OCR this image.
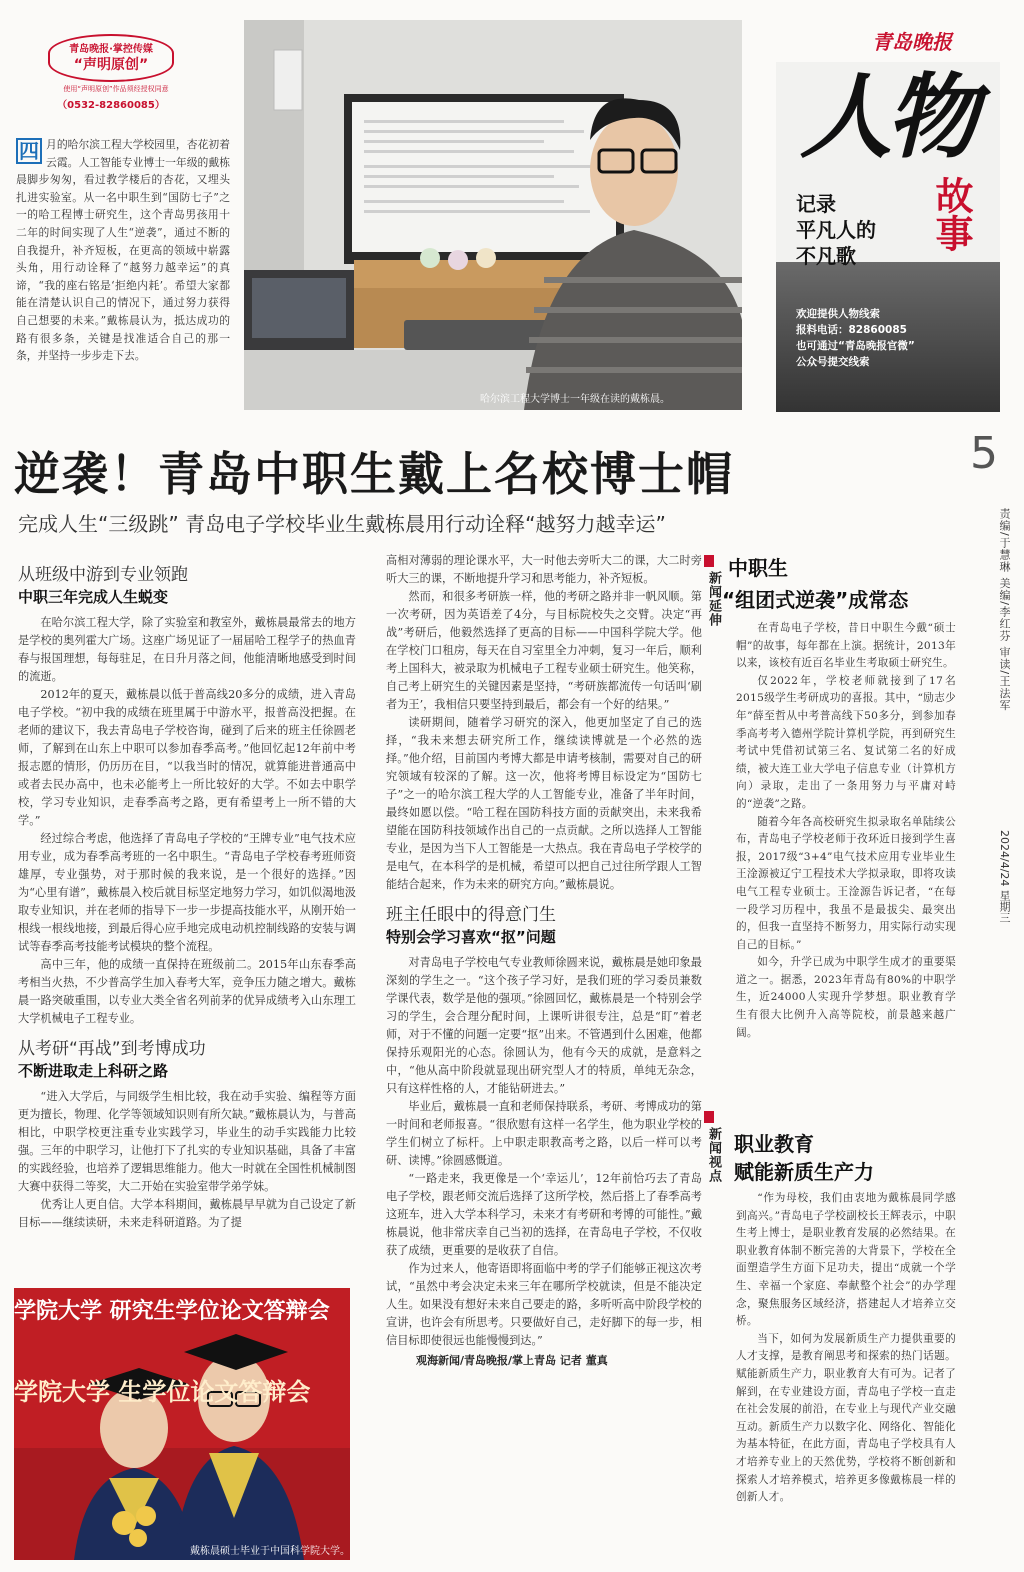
青岛晚报·掌控传媒
“声明原创”
使用“声明原创”作品须经授权同意
（0532-82860085）
四 月的哈尔滨工程大学校园里，杏花初着云霞。人工智能专业博士一年级的戴栋晨脚步匆匆，看过教学楼后的杏花，又埋头扎进实验室。从一名中职生到“国防七子”之一的哈工程博士研究生，这个青岛男孩用十二年的时间实现了人生“逆袭”，通过不断的自我提升，补齐短板，在更高的领域中崭露头角，用行动诠释了“越努力越幸运”的真谛，“我的座右铭是‘拒绝内耗’。希望大家都能在清楚认识自己的情况下，通过努力获得自己想要的未来。”戴栋晨认为，抵达成功的路有很多条，关键是找准适合自己的那一条，并坚持一步步走下去。
哈尔滨工程大学博士一年级在读的戴栋晨。
青岛晚报
人物
故事
记录
平凡人的
不凡歌
欢迎提供人物线索
报料电话：82860085
也可通过“青岛晚报官微”
公众号提交线索
逆袭！青岛中职生戴上名校博士帽	5
完成人生“三级跳” 青岛电子学校毕业生戴栋晨用行动诠释“越努力越幸运”	责编/于慧琳 美编/李红芬 审读/王法军
2024/4/24 星期三
从班级中游到专业领跑
中职三年完成人生蜕变

在哈尔滨工程大学，除了实验室和教室外，戴栋晨最常去的地方是学校的奥列霍大广场。这座广场见证了一届届哈工程学子的热血青春与报国理想，每每驻足，在日升月落之间，他能清晰地感受到时间的流逝。

2012年的夏天，戴栋晨以低于普高线20多分的成绩，进入青岛电子学校。“初中我的成绩在班里属于中游水平，报普高没把握。在老师的建议下，我去青岛电子学校咨询，碰到了后来的班主任徐圆老师，了解到在山东上中职可以参加春季高考。”他回忆起12年前中考报志愿的情形，仍历历在目，“以我当时的情况，就算能进普通高中或者去民办高中，也未必能考上一所比较好的大学。不如去中职学校，学习专业知识，走春季高考之路，更有希望考上一所不错的大学。”

经过综合考虑，他选择了青岛电子学校的“王牌专业”电气技术应用专业，成为春季高考班的一名中职生。“青岛电子学校春考班师资雄厚，专业强势，对于那时候的我来说，是一个很好的选择。”因为“心里有谱”，戴栋晨入校后就目标坚定地努力学习，如饥似渴地汲取专业知识，并在老师的指导下一步一步提高技能水平，从刚开始一根线一根线地接，到最后得心应手地完成电动机控制线路的安装与调试等春季高考技能考试模块的整个流程。

高中三年，他的成绩一直保持在班级前二。2015年山东春季高考相当火热，不少普高学生加入春考大军，竞争压力随之增大。戴栋晨一路突破重围，以专业大类全省名列前茅的优异成绩考入山东理工大学机械电子工程专业。

从考研“再战”到考博成功
不断进取走上科研之路

“进入大学后，与同级学生相比较，我在动手实验、编程等方面更为擅长，物理、化学等领域知识则有所欠缺。”戴栋晨认为，与普高相比，中职学校更注重专业实践学习，毕业生的动手实践能力比较强。三年的中职学习，让他打下了扎实的专业知识基础，具备了丰富的实践经验，也培养了逻辑思维能力。他大一时就在全国性机械制图大赛中获得二等奖，大二开始在实验室带学弟学妹。

优秀让人更自信。大学本科期间，戴栋晨早早就为自己设定了新目标——继续读研，未来走科研道路。为了提

学院大学 研究生学位论文答辩会
学院大学 生学位论文答辩会
戴栋晨硕士毕业于中国科学院大学。

高相对薄弱的理论课水平，大一时他去旁听大二的课，大二时旁听大三的课，不断地提升学习和思考能力，补齐短板。

然而，和很多考研族一样，他的考研之路并非一帆风顺。第一次考研，因为英语差了4分，与目标院校失之交臂。决定“再战”考研后，他毅然选择了更高的目标——中国科学院大学。他在学校门口租房，每天在自习室里全力冲刺，复习一年后，顺利考上国科大，被录取为机械电子工程专业硕士研究生。他笑称，自己考上研究生的关键因素是坚持，“考研族都流传一句话叫‘刷者为王’，我相信只要坚持到最后，都会有一个好的结果。”

读研期间，随着学习研究的深入，他更加坚定了自己的选择，“我未来想去研究所工作，继续读博就是一个必然的选择。”他介绍，目前国内考博大都是申请考核制，需要对自己的研究领域有较深的了解。这一次，他将考博目标设定为“国防七子”之一的哈尔滨工程大学的人工智能专业，准备了半年时间，最终如愿以偿。“哈工程在国防科技方面的贡献突出，未来我希望能在国防科技领域作出自己的一点贡献。之所以选择人工智能专业，是因为当下人工智能是一大热点。我在青岛电子学校学的是电气，在本科学的是机械，希望可以把自己过往所学跟人工智能结合起来，作为未来的研究方向。”戴栋晨说。

班主任眼中的得意门生
特别会学习喜欢“抠”问题

对青岛电子学校电气专业教师徐圆来说，戴栋晨是她印象最深刻的学生之一。“这个孩子学习好，是我们班的学习委员兼数学课代表，数学是他的强项。”徐圆回忆，戴栋晨是一个特别会学习的学生，会合理分配时间，上课听讲很专注，总是“盯”着老师，对于不懂的问题一定要“抠”出来。不管遇到什么困难，他都保持乐观阳光的心态。徐圆认为，他有今天的成就，是意料之中，“他从高中阶段就显现出研究型人才的特质，单纯无杂念，只有这样性格的人，才能钻研进去。”

毕业后，戴栋晨一直和老师保持联系，考研、考博成功的第一时间和老师报喜。“很欣慰有这样一名学生，他为职业学校的学生们树立了标杆。上中职走职教高考之路，以后一样可以考研、读博。”徐圆感慨道。

“一路走来，我更像是一个‘幸运儿’，12年前恰巧去了青岛电子学校，跟老师交流后选择了这所学校，然后搭上了春季高考这班车，进入大学本科学习，未来才有考研和考博的可能性。”戴栋晨说，他非常庆幸自己当初的选择，在青岛电子学校，不仅收获了成绩，更重要的是收获了自信。

作为过来人，他寄语即将面临中考的学子们能够正视这次考试，“虽然中考会决定未来三年在哪所学校就读，但是不能决定人生。如果没有想好未来自己要走的路，多听听高中阶段学校的宣讲，也许会有所思考。只要做好自己，走好脚下的每一步，相信目标即使很远也能慢慢到达。”

观海新闻/青岛晚报/掌上青岛 记者 董真
新闻延伸
中职生
“组团式逆袭”成常态

在青岛电子学校，昔日中职生今戴“硕士帽”的故事，每年都在上演。据统计，2013年以来，该校有近百名毕业生考取硕士研究生。

仅2022年，学校老师就接到了17名2015级学生考研成功的喜报。其中，“励志少年”薛至哲从中考普高线下50多分，到参加春季高考考入德州学院计算机学院，再到研究生考试中凭借初试第三名、复试第二名的好成绩，被大连工业大学电子信息专业（计算机方向）录取，走出了一条用努力与平庸对峙的“逆袭”之路。

随着今年各高校研究生拟录取名单陆续公布，青岛电子学校老师于孜环近日接到学生喜报，2017级“3+4”电气技术应用专业毕业生王淦源被辽宁工程技术大学拟录取，即将攻读电气工程专业硕士。王淦源告诉记者，“在每一段学习历程中，我虽不是最拔尖、最突出的，但我一直坚持不断努力，用实际行动实现自己的目标。”

如今，升学已成为中职学生成才的重要渠道之一。据悉，2023年青岛有80%的中职学生，近24000人实现升学梦想。职业教育学生有很大比例升入高等院校，前景越来越广阔。

新闻视点 职业教育
赋能新质生产力

“作为母校，我们由衷地为戴栋晨同学感到高兴。”青岛电子学校副校长王辉表示，中职生考上博士，是职业教育发展的必然结果。在职业教育体制不断完善的大背景下，学校在全面塑造学生方面下足功夫，提出“成就一个学生、幸福一个家庭、奉献整个社会”的办学理念，聚焦服务区域经济，搭建起人才培养立交桥。

当下，如何为发展新质生产力提供重要的人才支撑，是教育阐思考和探索的热门话题。赋能新质生产力，职业教育大有可为。记者了解到，在专业建设方面，青岛电子学校一直走在社会发展的前沿，在专业上与现代产业交融互动。新质生产力以数字化、网络化、智能化为基本特征，在此方面，青岛电子学校具有人才培养专业上的天然优势，学校将不断创新和探索人才培养模式，培养更多像戴栋晨一样的创新人才。
